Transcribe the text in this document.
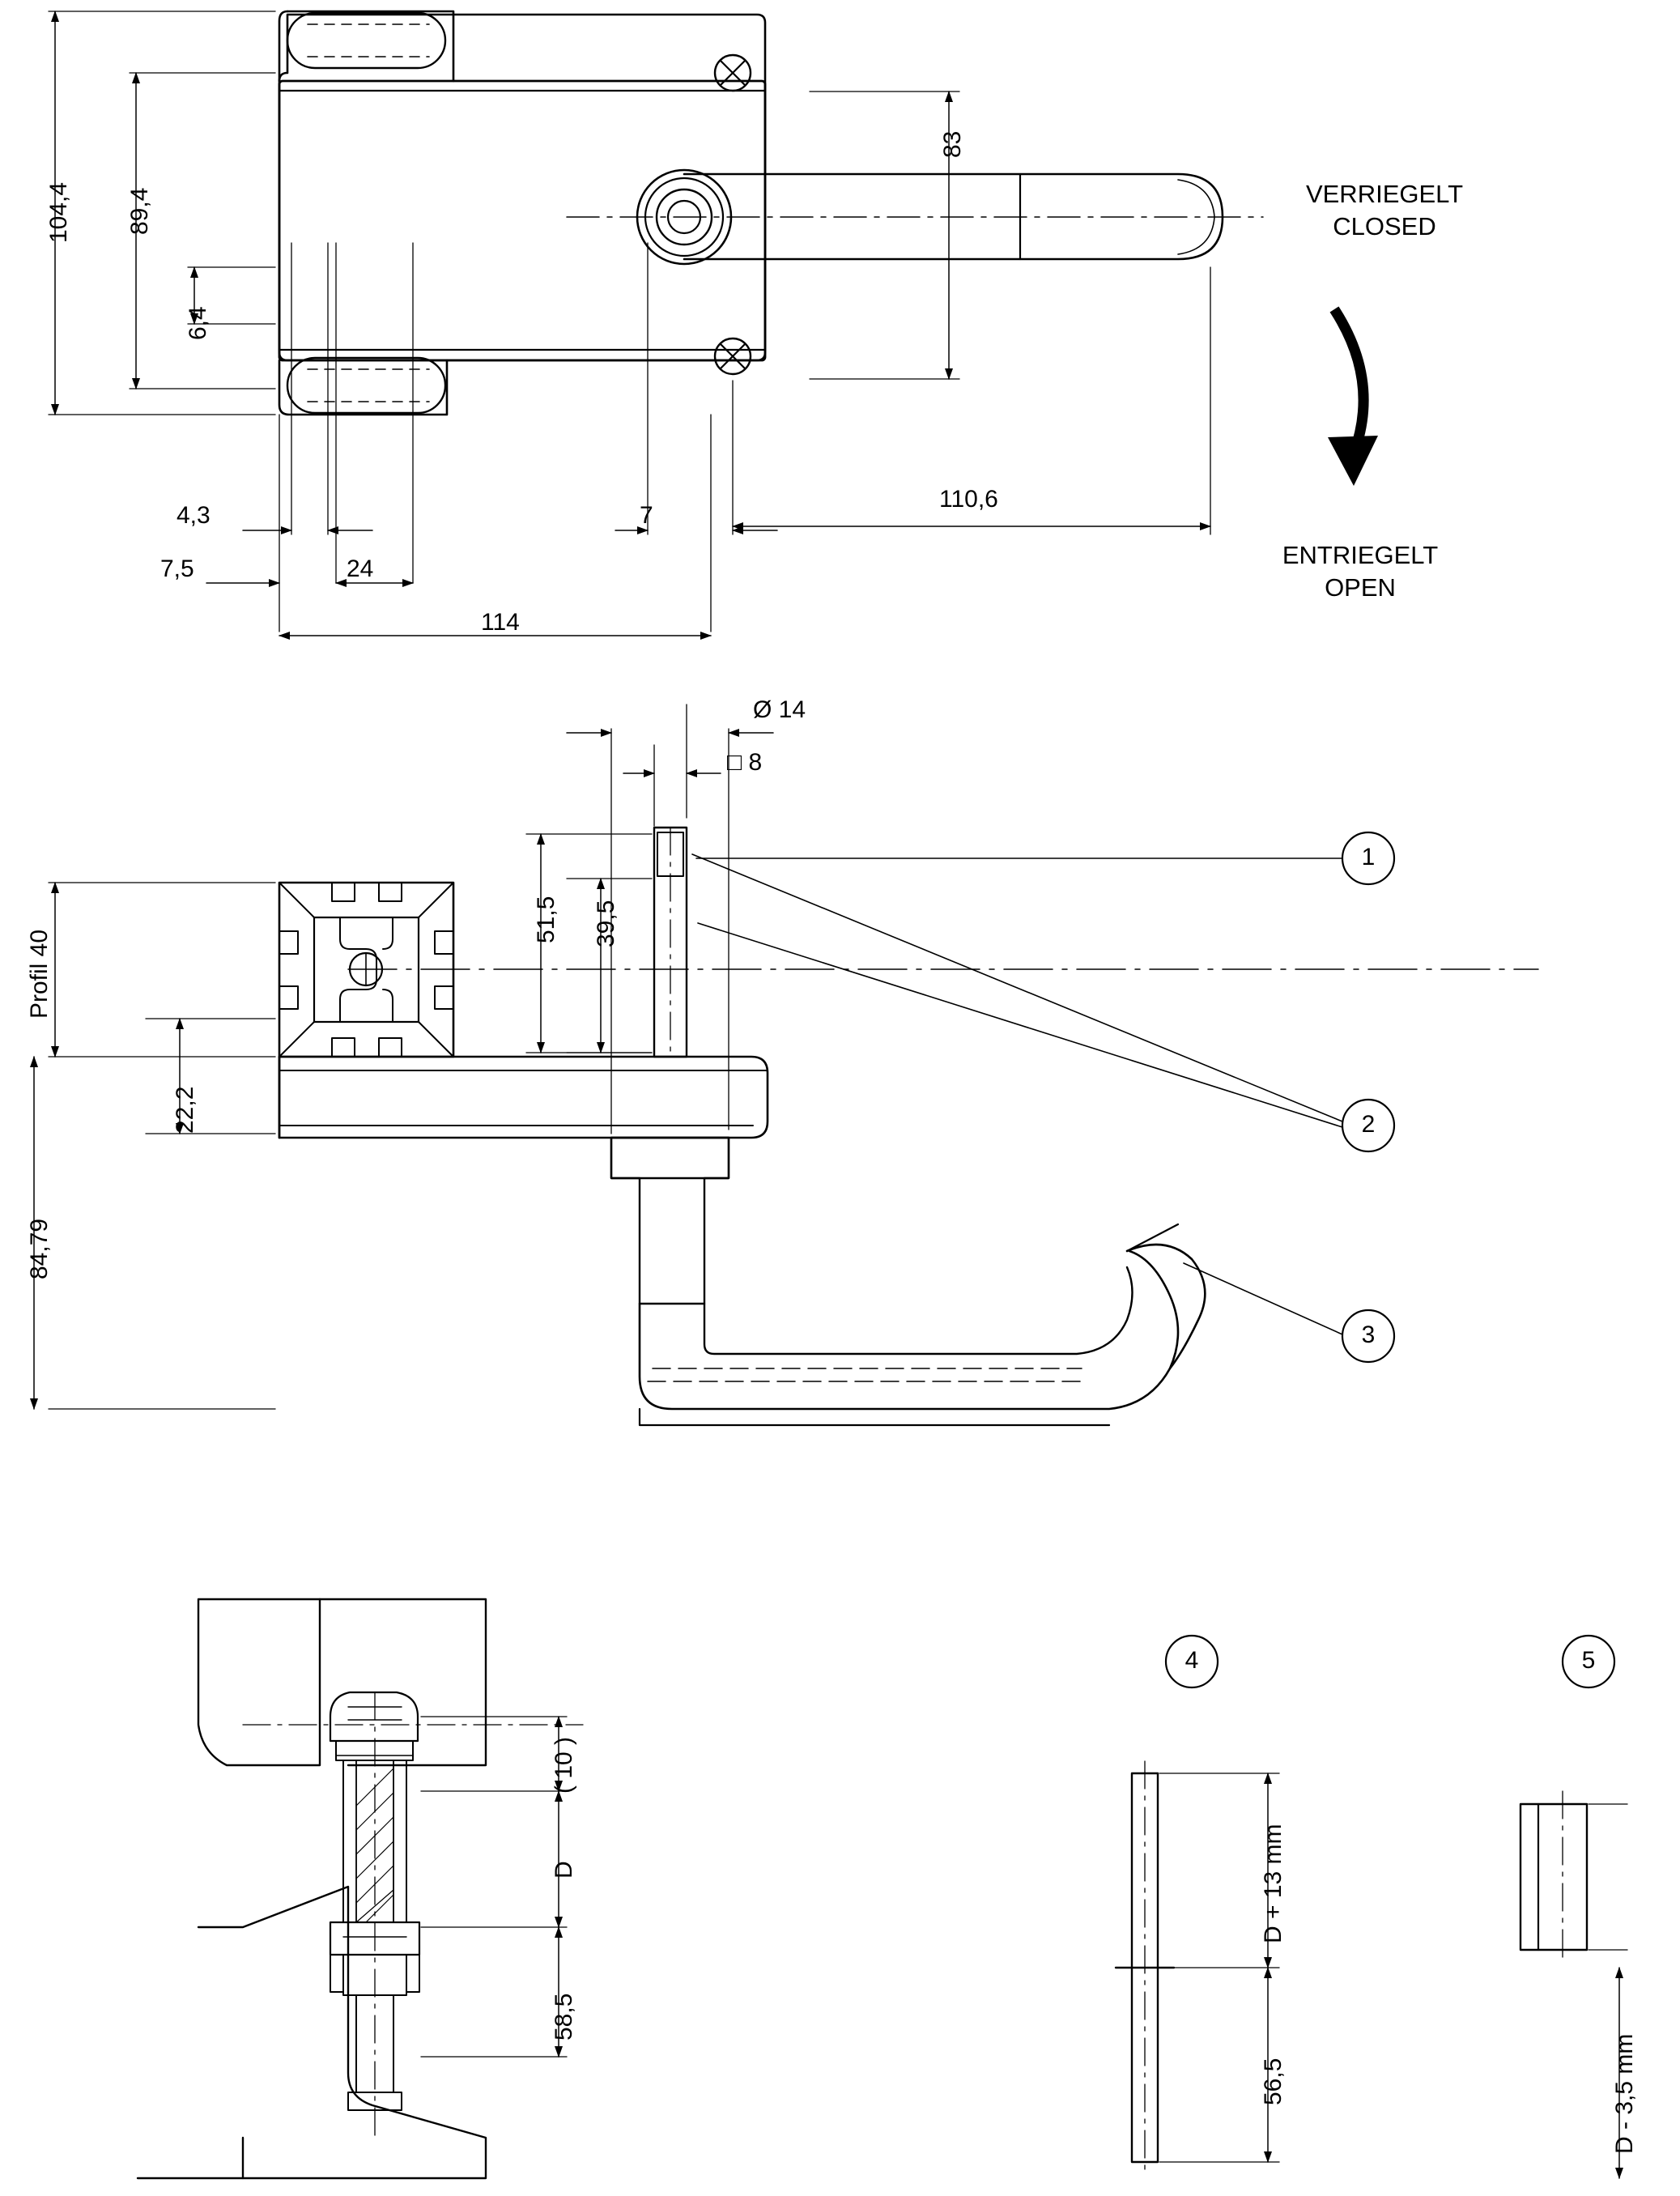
104,4 89,4
6,4
4,3
7,5	24
114
7
110,6
83
VERRIEGELT
CLOSED
ENTRIEGELT
OPEN
Ø 14
□ 8
51,5 39,5
22,2
84,79
Profil 40
1
2
3
4	5
( 10 )
D
58,5
D + 13 mm
56,5	D - 3,5 mm
